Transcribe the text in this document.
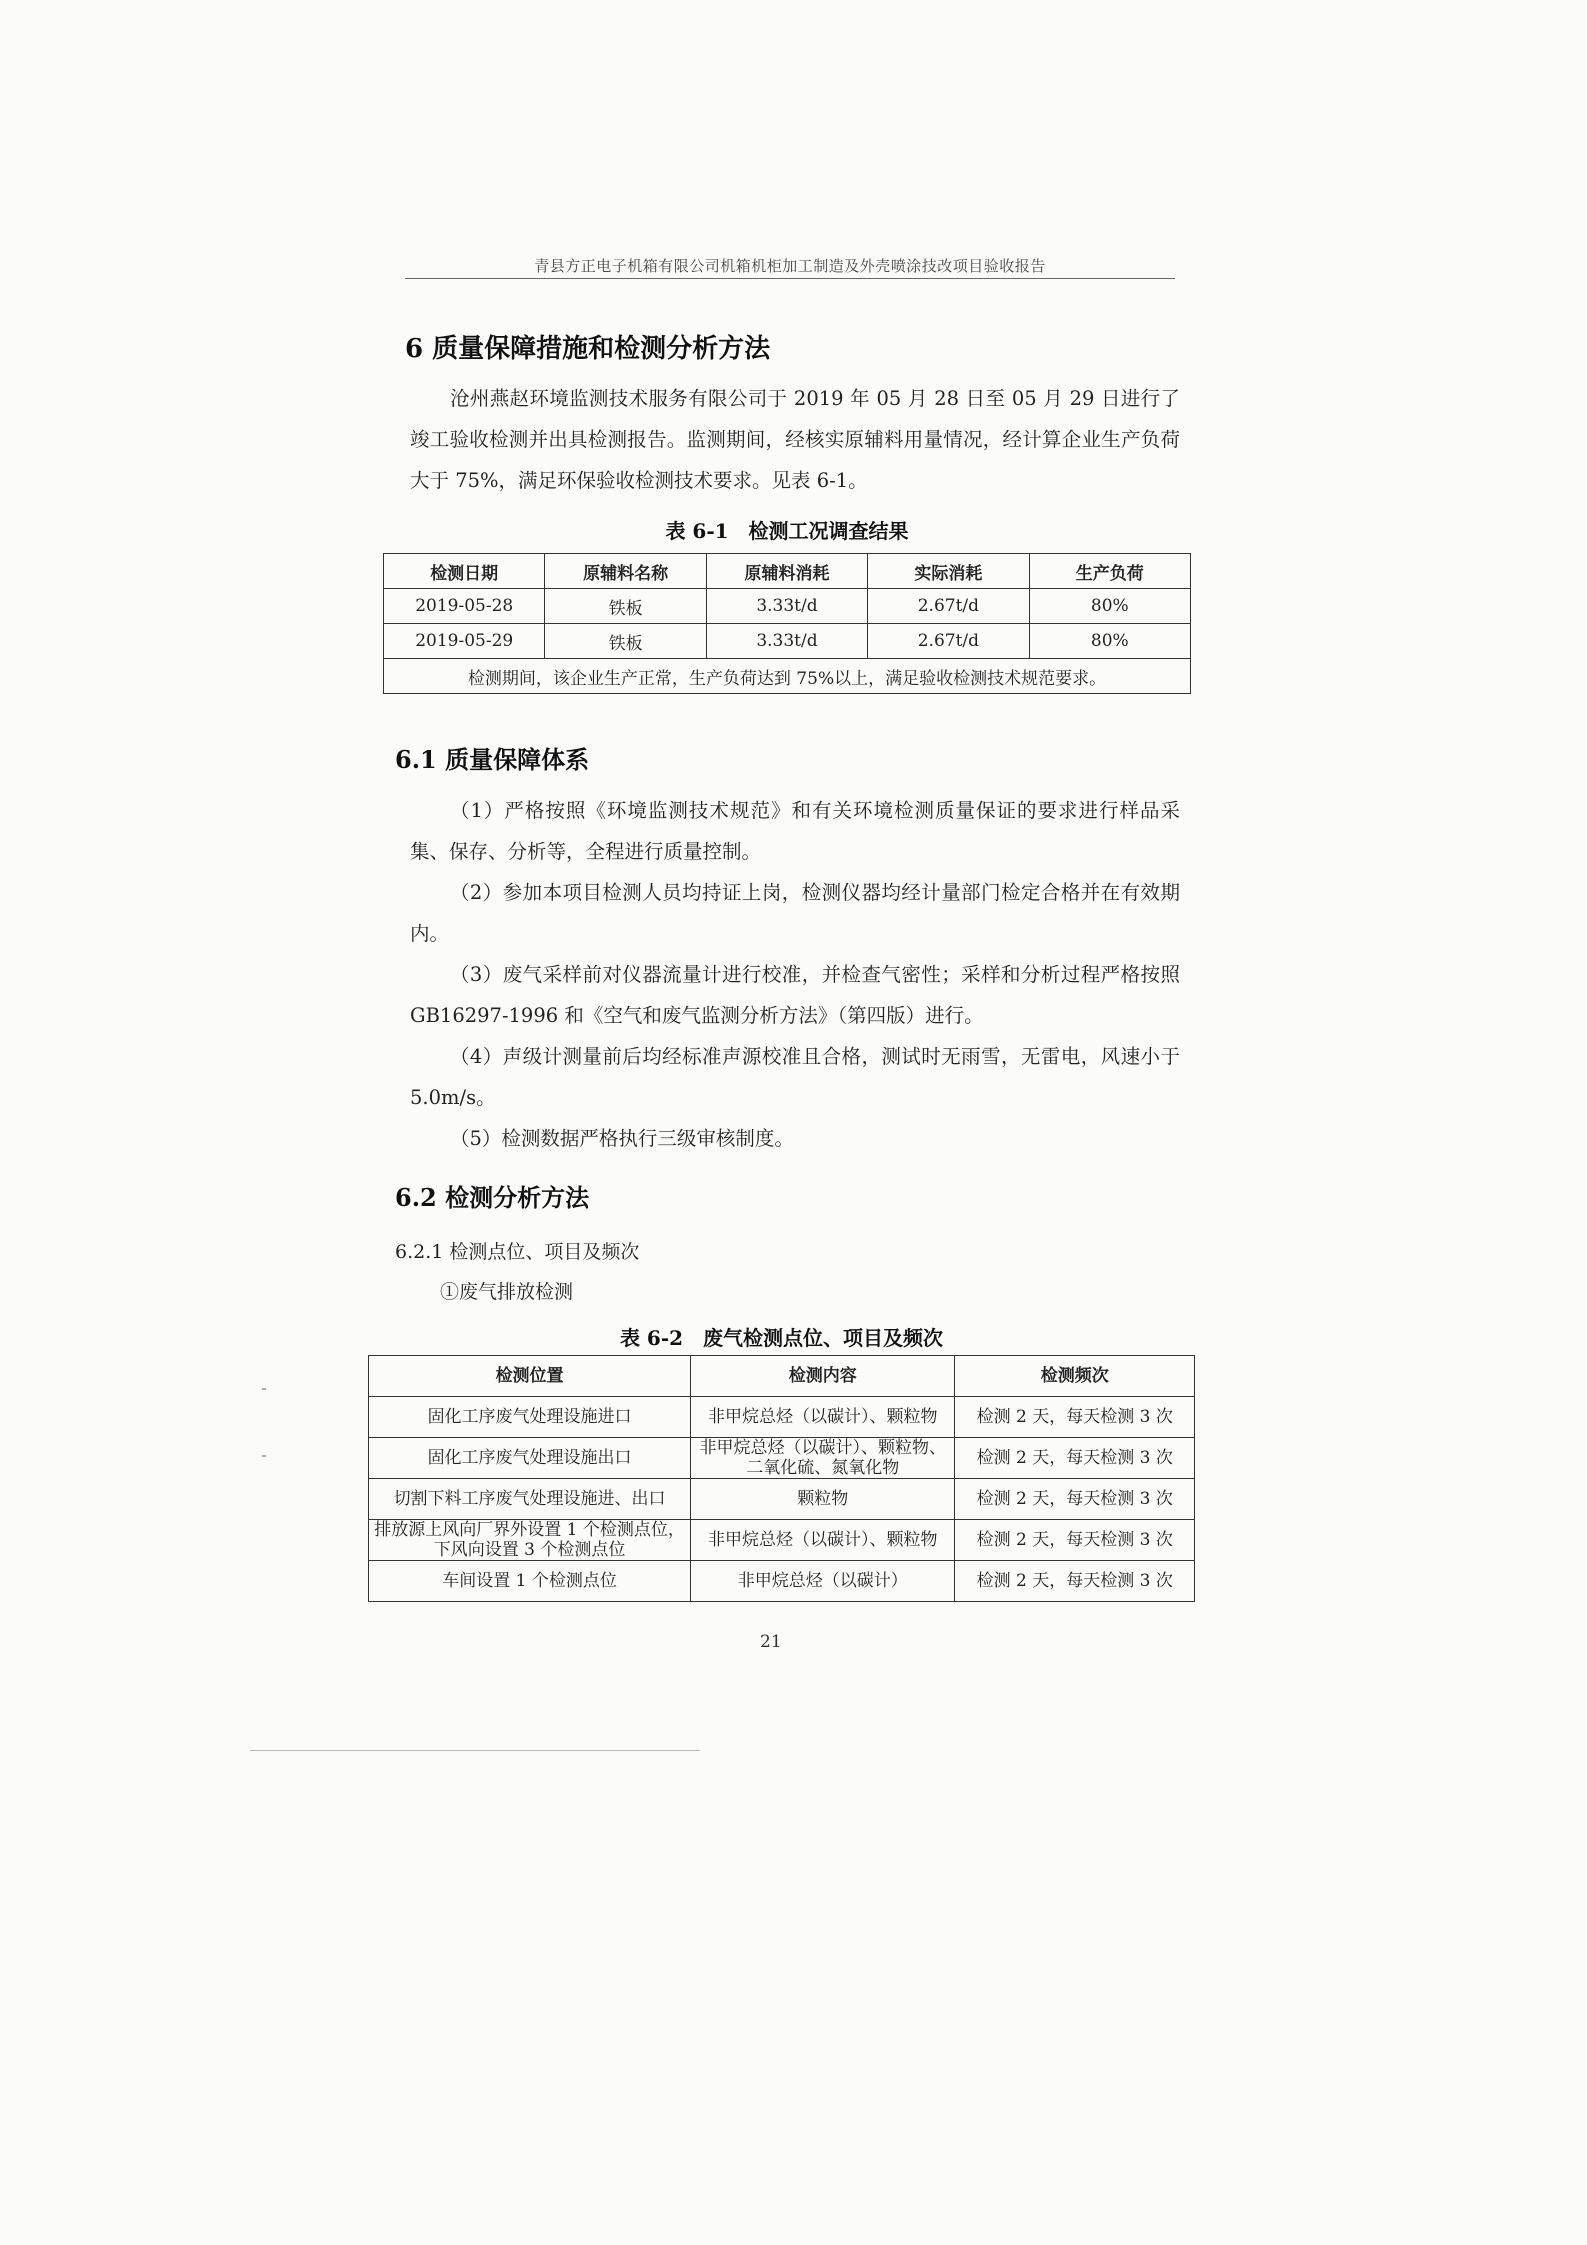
青县方正电子机箱有限公司机箱机柜加工制造及外壳喷涂技改项目验收报告
6 质量保障措施和检测分析方法
沧州燕赵环境监测技术服务有限公司于 2019 年 05 月 28 日至 05 月 29 日进行了竣工验收检测并出具检测报告。监测期间，经核实原辅料用量情况，经计算企业生产负荷大于 75%，满足环保验收检测技术要求。见表 6-1。
表 6-1　检测工况调查结果
检测日期	原辅料名称	原辅料消耗	实际消耗	生产负荷
2019-05-28	铁板	3.33t/d	2.67t/d	80%
2019-05-29	铁板	3.33t/d	2.67t/d	80%
检测期间，该企业生产正常，生产负荷达到 75%以上，满足验收检测技术规范要求。				
6.1 质量保障体系
（1）严格按照《环境监测技术规范》和有关环境检测质量保证的要求进行样品采集、保存、分析等，全程进行质量控制。
（2）参加本项目检测人员均持证上岗，检测仪器均经计量部门检定合格并在有效期内。
（3）废气采样前对仪器流量计进行校准，并检查气密性；采样和分析过程严格按照 GB16297-1996 和《空气和废气监测分析方法》（第四版）进行。
（4）声级计测量前后均经标准声源校准且合格，测试时无雨雪，无雷电，风速小于 5.0m/s。
（5）检测数据严格执行三级审核制度。
6.2 检测分析方法
6.2.1 检测点位、项目及频次
①废气排放检测
表 6-2　废气检测点位、项目及频次
检测位置	检测内容	检测频次
固化工序废气处理设施进口	非甲烷总烃（以碳计）、颗粒物	检测 2 天，每天检测 3 次
固化工序废气处理设施出口	非甲烷总烃（以碳计）、颗粒物、二氧化硫、氮氧化物	检测 2 天，每天检测 3 次
切割下料工序废气处理设施进、出口	颗粒物	检测 2 天，每天检测 3 次
排放源上风向厂界外设置 1 个检测点位，下风向设置 3 个检测点位	非甲烷总烃（以碳计）、颗粒物	检测 2 天，每天检测 3 次
车间设置 1 个检测点位	非甲烷总烃（以碳计）	检测 2 天，每天检测 3 次
21
